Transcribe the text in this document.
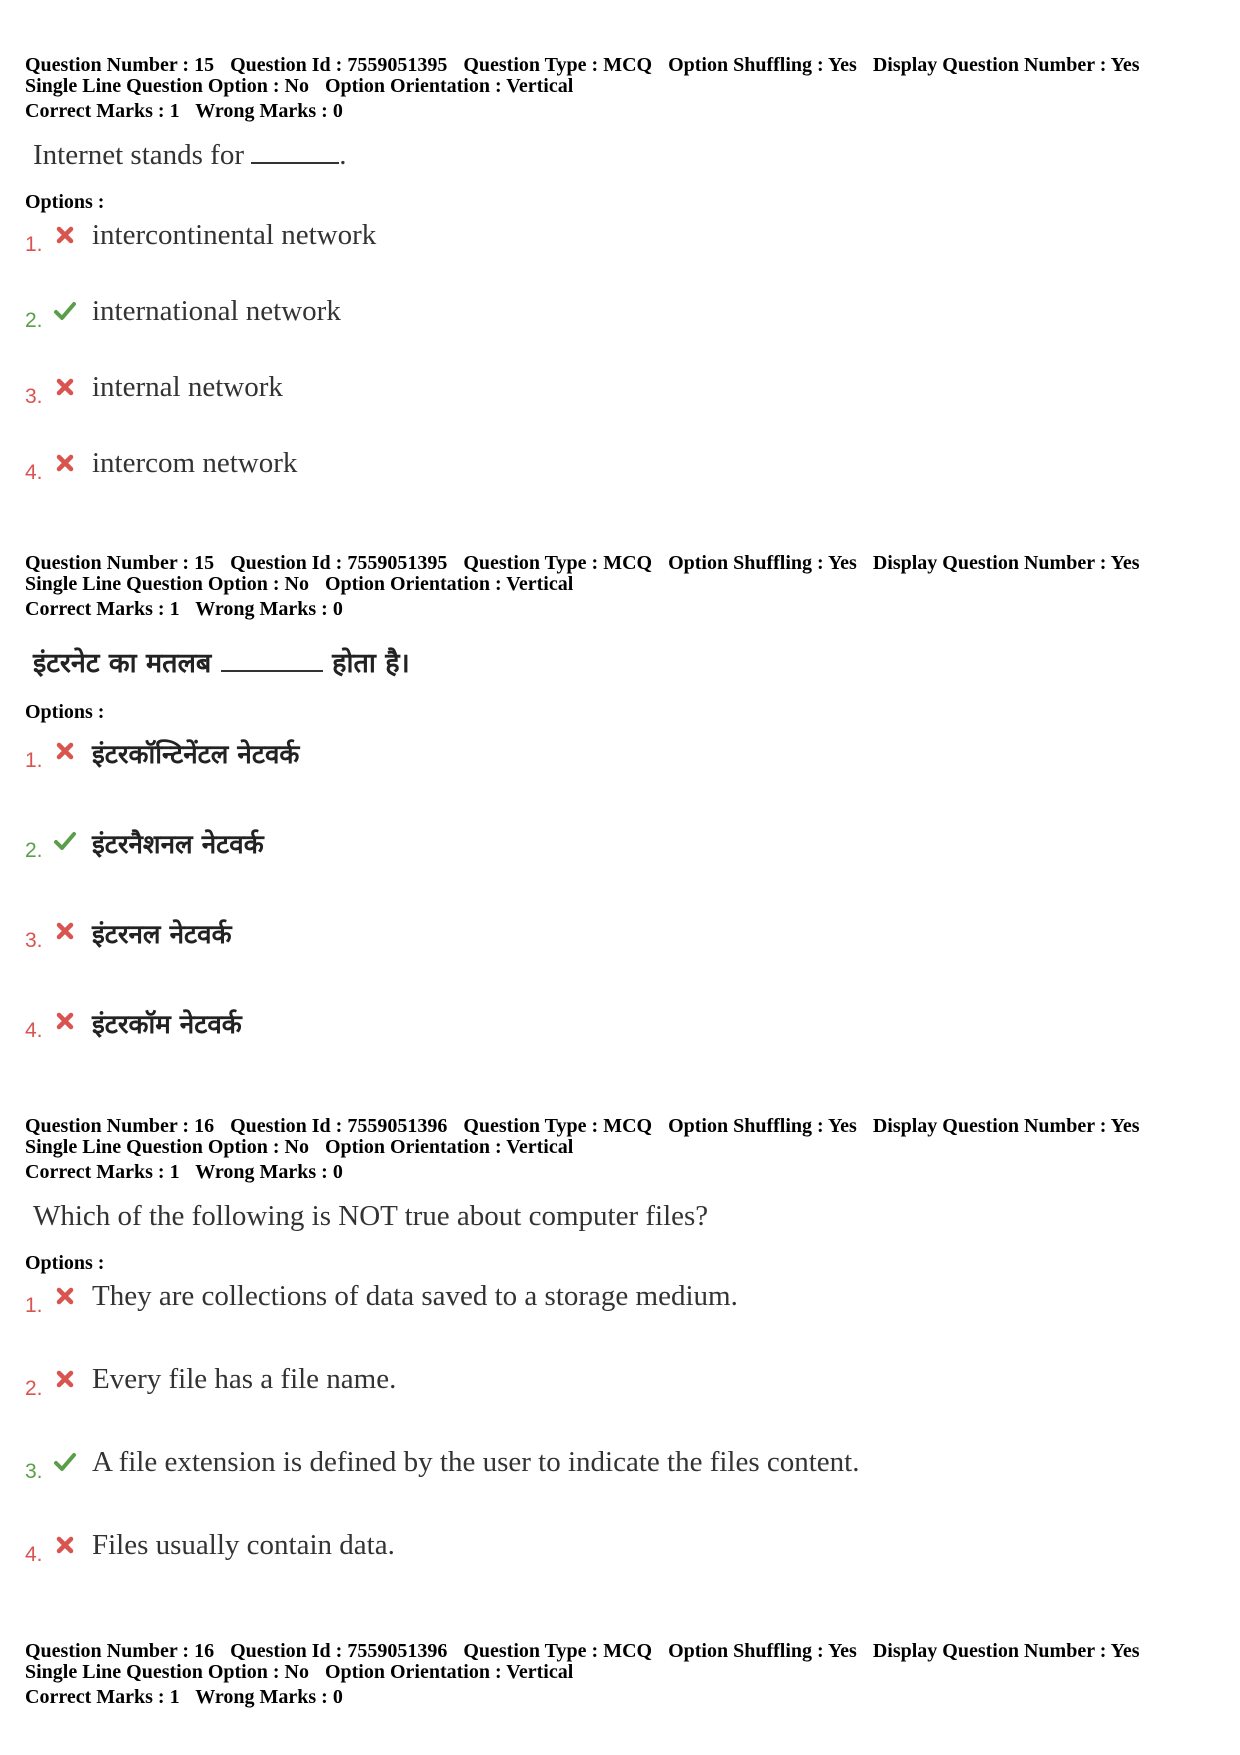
Question Number : 15 Question Id : 7559051395 Question Type : MCQ Option Shuffling : Yes Display Question Number : Yes
Single Line Question Option : No Option Orientation : Vertical
Correct Marks : 1 Wrong Marks : 0
Internet stands for	.
Options :
1. intercontinental network
2. international network
3. internal network
4. intercom network
Question Number : 15 Question Id : 7559051395 Question Type : MCQ Option Shuffling : Yes Display Question Number : Yes
Single Line Question Option : No Option Orientation : Vertical
Correct Marks : 1 Wrong Marks : 0
इंटरनेट का मतलब	होता है।
Options :
1. इंटरकॉन्टिनेंटल नेटवर्क
2. इंटरनैशनल नेटवर्क
3. इंटरनल नेटवर्क
4. इंटरकॉम नेटवर्क
Question Number : 16 Question Id : 7559051396 Question Type : MCQ Option Shuffling : Yes Display Question Number : Yes
Single Line Question Option : No Option Orientation : Vertical
Correct Marks : 1 Wrong Marks : 0
Which of the following is NOT true about computer files?
Options :
1. They are collections of data saved to a storage medium.
2. Every file has a file name.
3. A file extension is defined by the user to indicate the files content.
4. Files usually contain data.
Question Number : 16 Question Id : 7559051396 Question Type : MCQ Option Shuffling : Yes Display Question Number : Yes
Single Line Question Option : No Option Orientation : Vertical
Correct Marks : 1 Wrong Marks : 0
